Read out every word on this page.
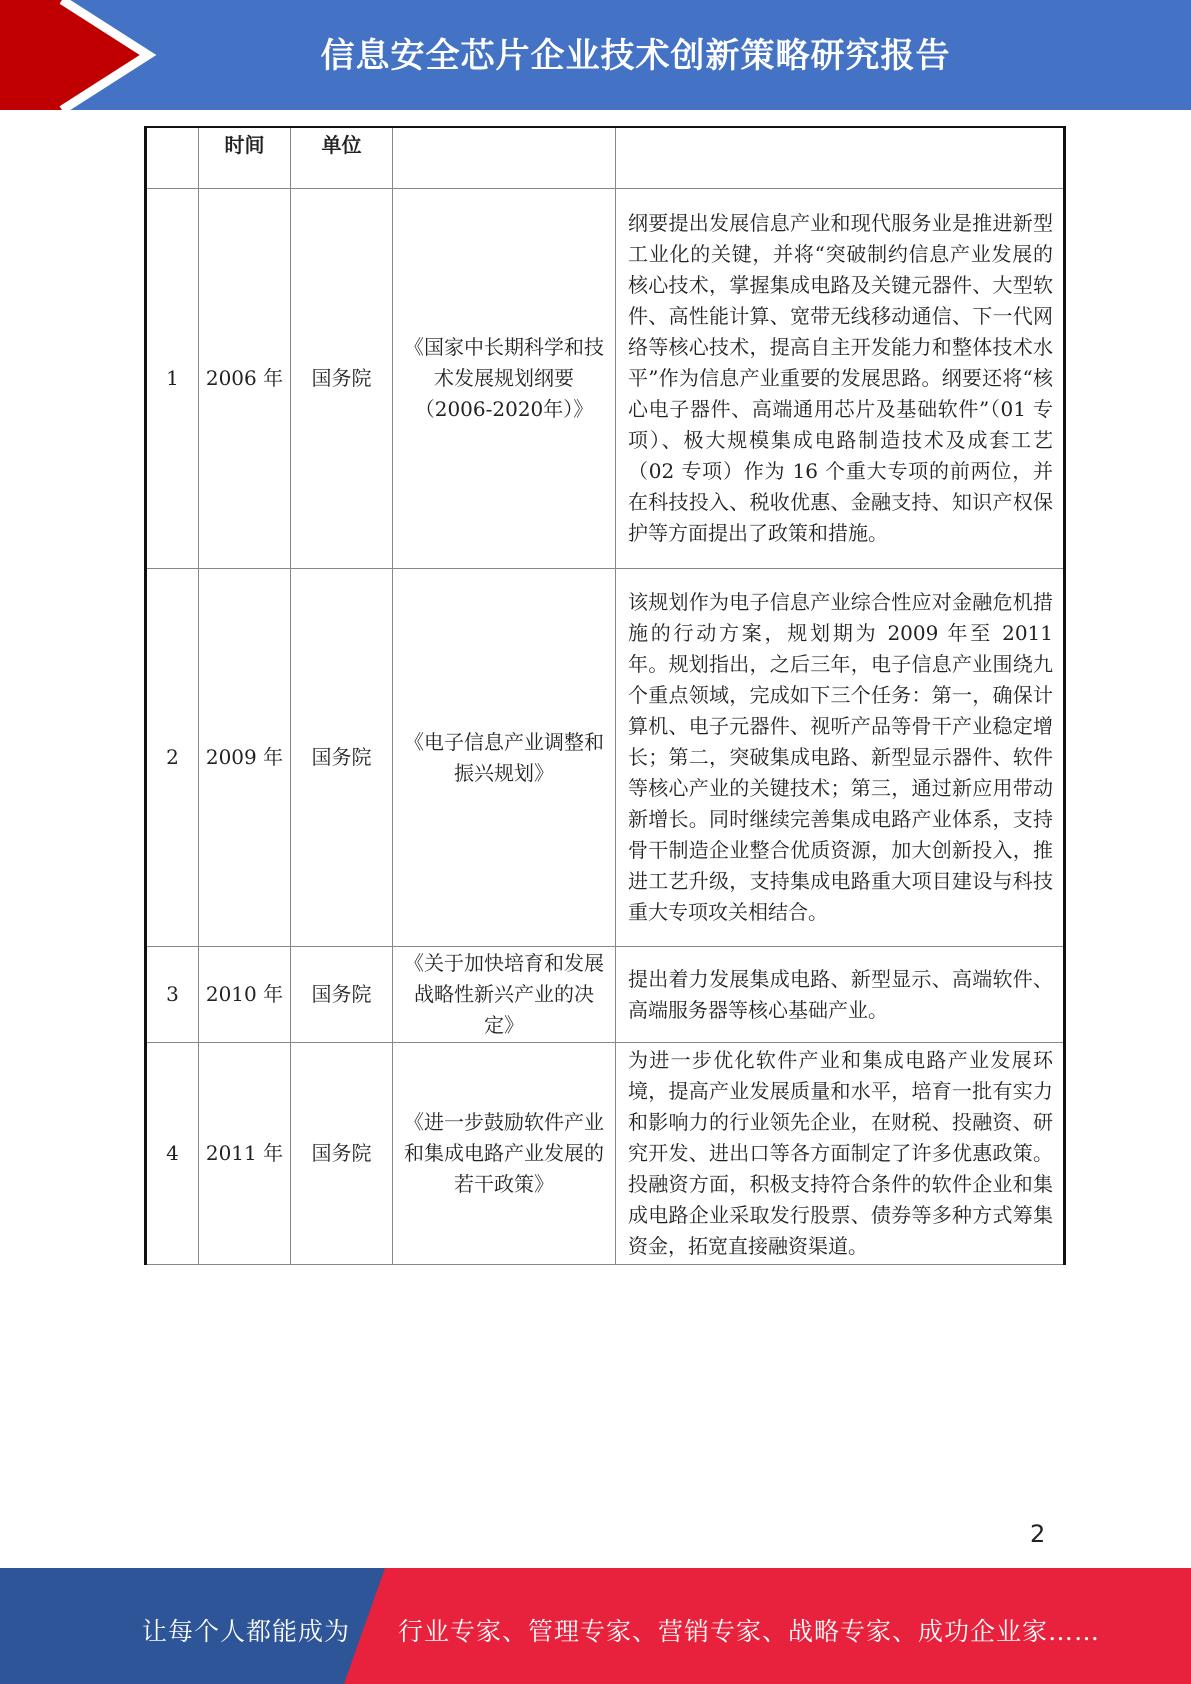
信息安全芯片企业技术创新策略研究报告
	时间	单位		
1	2006 年	国务院	《国家中长期科学和技术发展规划纲要（2006-2020年）》	纲要提出发展信息产业和现代服务业是推进新型工业化的关键，并将“突破制约信息产业发展的核心技术，掌握集成电路及关键元器件、大型软件、高性能计算、宽带无线移动通信、下一代网络等核心技术，提高自主开发能力和整体技术水平”作为信息产业重要的发展思路。纲要还将“核心电子器件、高端通用芯片及基础软件”（01 专项）、极大规模集成电路制造技术及成套工艺（02 专项）作为 16 个重大专项的前两位，并在科技投入、税收优惠、金融支持、知识产权保护等方面提出了政策和措施。
2	2009 年	国务院	《电子信息产业调整和振兴规划》	该规划作为电子信息产业综合性应对金融危机措施的行动方案，规划期为 2009 年至 2011 年。规划指出，之后三年，电子信息产业围绕九个重点领域，完成如下三个任务：第一，确保计算机、电子元器件、视听产品等骨干产业稳定增长；第二，突破集成电路、新型显示器件、软件等核心产业的关键技术；第三，通过新应用带动新增长。同时继续完善集成电路产业体系，支持骨干制造企业整合优质资源，加大创新投入，推进工艺升级，支持集成电路重大项目建设与科技重大专项攻关相结合。
3	2010 年	国务院	《关于加快培育和发展战略性新兴产业的决定》	提出着力发展集成电路、新型显示、高端软件、高端服务器等核心基础产业。
4	2011 年	国务院	《进一步鼓励软件产业和集成电路产业发展的若干政策》	为进一步优化软件产业和集成电路产业发展环境，提高产业发展质量和水平，培育一批有实力和影响力的行业领先企业，在财税、投融资、研究开发、进出口等各方面制定了许多优惠政策。投融资方面，积极支持符合条件的软件企业和集成电路企业采取发行股票、债券等多种方式筹集资金，拓宽直接融资渠道。
2
让每个人都能成为 行业专家、管理专家、营销专家、战略专家、成功企业家……
